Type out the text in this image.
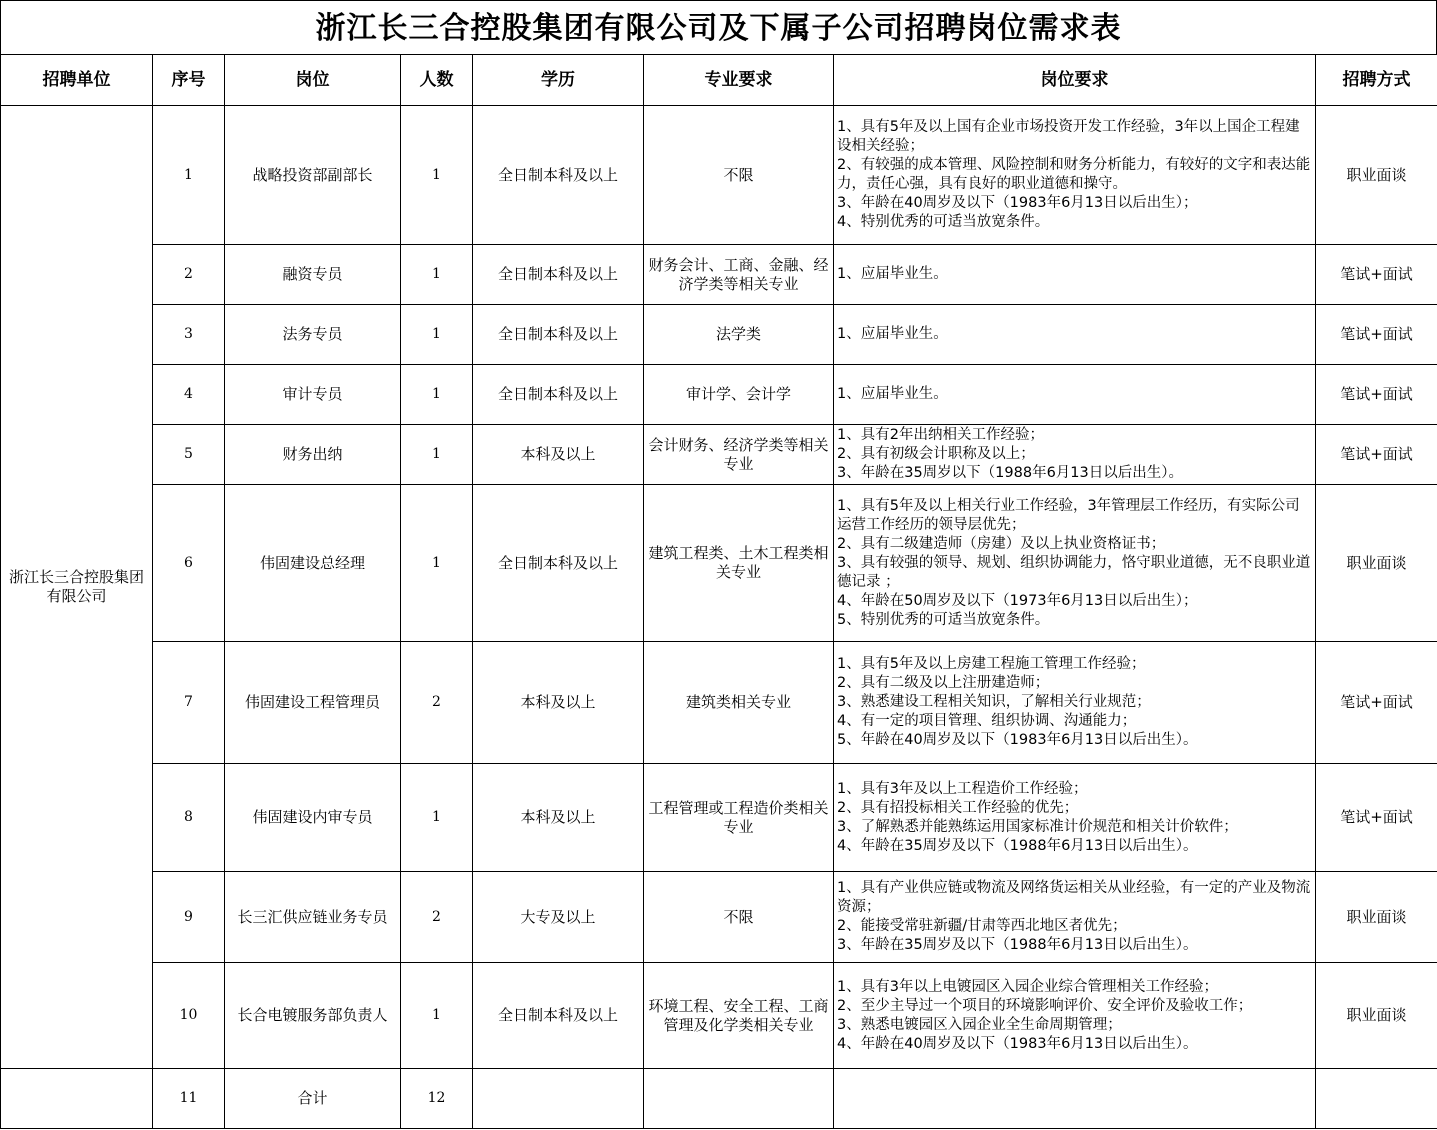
浙江长三合控股集团有限公司及下属子公司招聘岗位需求表
招聘单位	序号	岗位	人数	学历	专业要求	岗位要求	招聘方式
浙江长三合控股集团有限公司	1	战略投资部副部长	1	全日制本科及以上	不限	1、具有5年及以上国有企业市场投资开发工作经验，3年以上国企工程建设相关经验；
2、有较强的成本管理、风险控制和财务分析能力，有较好的文字和表达能力，责任心强，具有良好的职业道德和操守。
3、年龄在40周岁及以下（1983年6月13日以后出生）；
4、特别优秀的可适当放宽条件。	职业面谈
	2	融资专员	1	全日制本科及以上	财务会计、工商、金融、经济学类等相关专业	1、应届毕业生。	笔试+面试
	3	法务专员	1	全日制本科及以上	法学类	1、应届毕业生。	笔试+面试
	4	审计专员	1	全日制本科及以上	审计学、会计学	1、应届毕业生。	笔试+面试
	5	财务出纳	1	本科及以上	会计财务、经济学类等相关专业	1、具有2年出纳相关工作经验；
2、具有初级会计职称及以上；
3、年龄在35周岁以下（1988年6月13日以后出生）。	笔试+面试
	6	伟固建设总经理	1	全日制本科及以上	建筑工程类、土木工程类相关专业	1、具有5年及以上相关行业工作经验，3年管理层工作经历，有实际公司运营工作经历的领导层优先；
2、具有二级建造师（房建）及以上执业资格证书；
3、具有较强的领导、规划、组织协调能力，恪守职业道德，无不良职业道德记录 ；
4、年龄在50周岁及以下（1973年6月13日以后出生）；
5、特别优秀的可适当放宽条件。	职业面谈
	7	伟固建设工程管理员	2	本科及以上	建筑类相关专业	1、具有5年及以上房建工程施工管理工作经验；
2、具有二级及以上注册建造师；
3、熟悉建设工程相关知识，了解相关行业规范；
4、有一定的项目管理、组织协调、沟通能力；
5、年龄在40周岁及以下（1983年6月13日以后出生）。	笔试+面试
	8	伟固建设内审专员	1	本科及以上	工程管理或工程造价类相关专业	1、具有3年及以上工程造价工作经验；
2、具有招投标相关工作经验的优先；
3、了解熟悉并能熟练运用国家标准计价规范和相关计价软件；
4、年龄在35周岁及以下（1988年6月13日以后出生）。	笔试+面试
	9	长三汇供应链业务专员	2	大专及以上	不限	1、具有产业供应链或物流及网络货运相关从业经验，有一定的产业及物流资源；
2、能接受常驻新疆/甘肃等西北地区者优先；
3、年龄在35周岁及以下（1988年6月13日以后出生）。	职业面谈
	10	长合电镀服务部负责人	1	全日制本科及以上	环境工程、安全工程、工商管理及化学类相关专业	1、具有3年以上电镀园区入园企业综合管理相关工作经验；
2、至少主导过一个项目的环境影响评价、安全评价及验收工作；
3、熟悉电镀园区入园企业全生命周期管理；
4、年龄在40周岁及以下（1983年6月13日以后出生）。	职业面谈
	11	合计	12				
